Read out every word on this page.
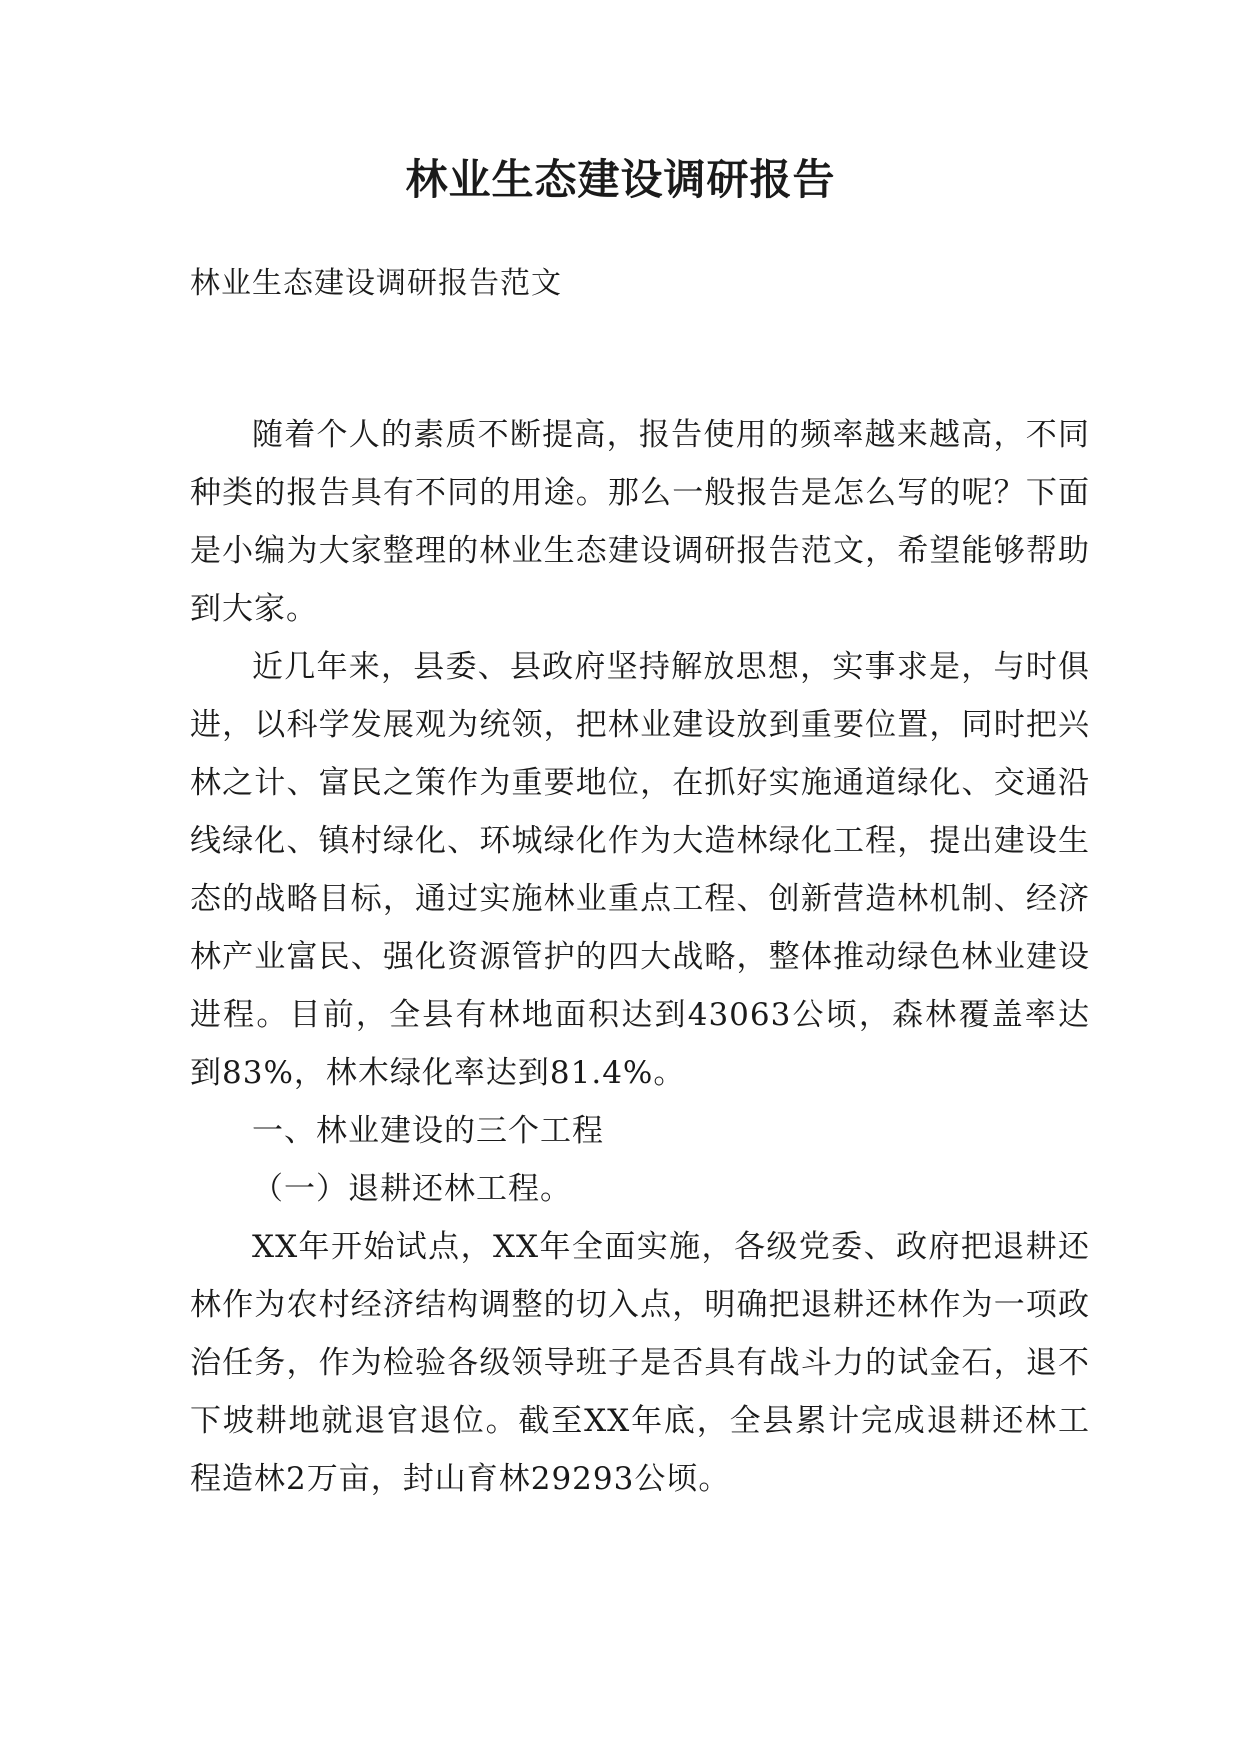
林业生态建设调研报告
林业生态建设调研报告范文

随着个人的素质不断提高，报告使用的频率越来越高，不同种类的报告具有不同的用途。那么一般报告是怎么写的呢？下面是小编为大家整理的林业生态建设调研报告范文，希望能够帮助到大家。

近几年来，县委、县政府坚持解放思想，实事求是，与时俱进，以科学发展观为统领，把林业建设放到重要位置，同时把兴林之计、富民之策作为重要地位，在抓好实施通道绿化、交通沿线绿化、镇村绿化、环城绿化作为大造林绿化工程，提出建设生态的战略目标，通过实施林业重点工程、创新营造林机制、经济林产业富民、强化资源管护的四大战略，整体推动绿色林业建设进程。目前，全县有林地面积达到43063公顷，森林覆盖率达到83%，林木绿化率达到81.4%。

一、林业建设的三个工程

（一）退耕还林工程。

XX年开始试点，XX年全面实施，各级党委、政府把退耕还林作为农村经济结构调整的切入点，明确把退耕还林作为一项政治任务，作为检验各级领导班子是否具有战斗力的试金石，退不下坡耕地就退官退位。截至XX年底，全县累计完成退耕还林工程造林2万亩，封山育林29293公顷。
